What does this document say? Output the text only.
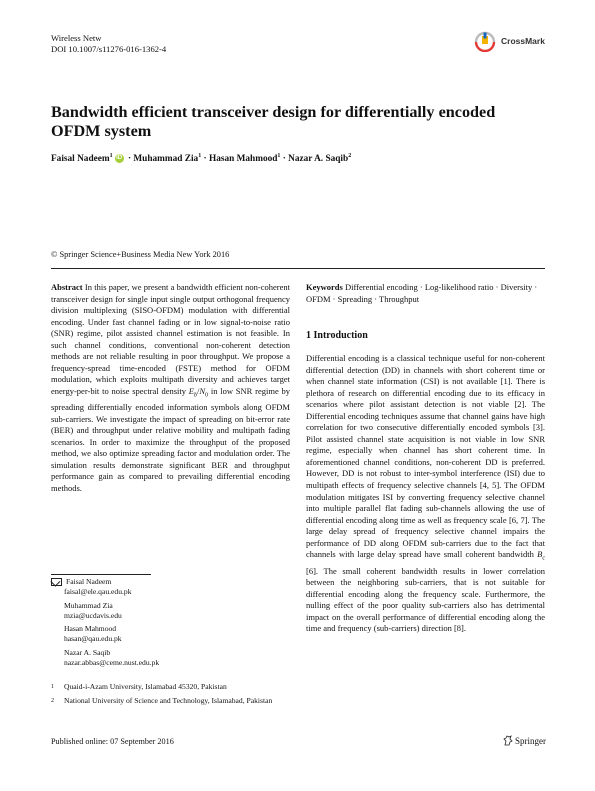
Wireless Netw
DOI 10.1007/s11276-016-1362-4
CrossMark
Bandwidth efficient transceiver design for differentially encoded OFDM system
Faisal Nadeem$^1$ iD · Muhammad Zia$^1$ · Hasan Mahmood$^1$ · Nazar A. Saqib$^2$
© Springer Science+Business Media New York 2016
Abstract In this paper, we present a bandwidth efficient non-coherent transceiver design for single input single output orthogonal frequency division multiplexing (SISO-OFDM) modulation with differential encoding. Under fast channel fading or in low signal-to-noise ratio (SNR) regime, pilot assisted channel estimation is not feasible. In such channel conditions, conventional non-coherent detection methods are not reliable resulting in poor throughput. We propose a frequency-spread time-encoded (FSTE) method for OFDM modulation, which exploits multipath diversity and achieves target energy-per-bit to noise spectral density $E_b/N_0$ in low SNR regime by spreading differentially encoded information symbols along OFDM sub-carriers. We investigate the impact of spreading on bit-error rate (BER) and throughput under relative mobility and multipath fading scenarios. In order to maximize the throughput of the proposed method, we also optimize spreading factor and modulation order. The simulation results demonstrate significant BER and throughput performance gain as compared to prevailing differential encoding methods.
Keywords Differential encoding · Log-likelihood ratio · Diversity · OFDM · Spreading · Throughput
1 Introduction
Differential encoding is a classical technique useful for non-coherent differential detection (DD) in channels with short coherent time or when channel state information (CSI) is not available [1]. There is plethora of research on differential encoding due to its efficacy in scenarios where pilot assistant detection is not viable [2]. The Differential encoding techniques assume that channel gains have high correlation for two consecutive differentially encoded symbols [3]. Pilot assisted channel state acquisition is not viable in low SNR regime, especially when channel has short coherent time. In aforementioned channel conditions, non-coherent DD is preferred. However, DD is not robust to inter-symbol interference (ISI) due to multipath effects of frequency selective channels [4, 5]. The OFDM modulation mitigates ISI by converting frequency selective channel into multiple parallel flat fading sub-channels allowing the use of differential encoding along time as well as frequency scale [6, 7]. The large delay spread of frequency selective channel impairs the performance of DD along OFDM sub-carriers due to the fact that channels with large delay spread have small coherent bandwidth $B_c$ [6]. The small coherent bandwidth results in lower correlation between the neighboring sub-carriers, that is not suitable for differential encoding along the frequency scale. Furthermore, the nulling effect of the poor quality sub-carriers also has detrimental impact on the overall performance of differential encoding along the time and frequency (sub-carriers) direction [8].
Faisal Nadeem
faisal@ele.qau.edu.pk
Muhammad Zia
mzia@ucdavis.edu
Hasan Mahmood
hasan@qau.edu.pk
Nazar A. Saqib
nazar.abbas@ceme.nust.edu.pk
1	Quaid-i-Azam University, Islamabad 45320, Pakistan
2	National University of Science and Technology, Islamabad, Pakistan
Published online: 07 September 2016	Springer
